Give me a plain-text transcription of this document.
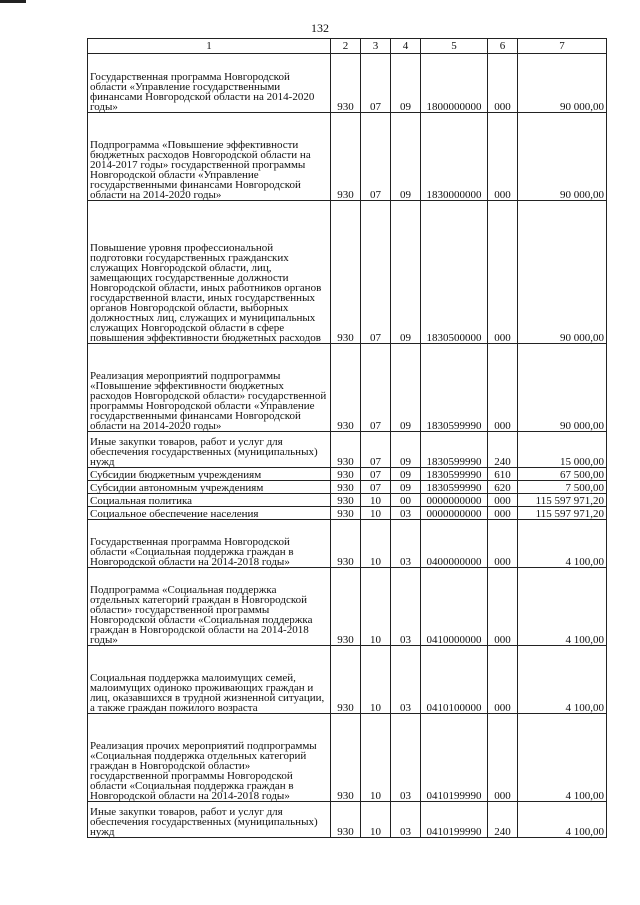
132
1	2	3	4	5	6	7
Государственная программа Новгородской области «Управление государственными финансами Новгородской области на 2014-2020 годы»	930	07	09	1800000000	000	90 000,00
Подпрограмма «Повышение эффективности бюджетных расходов Новгородской области на 2014-2017 годы» государственной программы Новгородской области «Управление государственными финансами Новгородской области на 2014-2020 годы»	930	07	09	1830000000	000	90 000,00
Повышение уровня профессиональной подготовки государственных гражданских служащих Новгородской области, лиц, замещающих государственные должности Новгородской области, иных работников органов государственной власти, иных государственных органов Новгородской области, выборных должностных лиц, служащих и муниципальных служащих Новгородской области в сфере повышения эффективности бюджетных расходов	930	07	09	1830500000	000	90 000,00
Реализация мероприятий подпрограммы «Повышение эффективности бюджетных расходов Новгородской области» государственной программы Новгородской области «Управление государственными финансами Новгородской области на 2014-2020 годы»	930	07	09	1830599990	000	90 000,00
Иные закупки товаров, работ и услуг для обеспечения государственных (муниципальных) нужд	930	07	09	1830599990	240	15 000,00
Субсидии бюджетным учреждениям	930	07	09	1830599990	610	67 500,00
Субсидии автономным учреждениям	930	07	09	1830599990	620	7 500,00
Социальная политика	930	10	00	0000000000	000	115 597 971,20
Социальное обеспечение населения	930	10	03	0000000000	000	115 597 971,20
Государственная программа Новгородской области «Социальная поддержка граждан в Новгородской области на 2014-2018 годы»	930	10	03	0400000000	000	4 100,00
Подпрограмма «Социальная поддержка отдельных категорий граждан в Новгородской области» государственной программы Новгородской области «Социальная поддержка граждан в Новгородской области на 2014-2018 годы»	930	10	03	0410000000	000	4 100,00
Социальная поддержка малоимущих семей, малоимущих одиноко проживающих граждан и лиц, оказавшихся в трудной жизненной ситуации, а также граждан пожилого возраста	930	10	03	0410100000	000	4 100,00
Реализация прочих мероприятий подпрограммы «Социальная поддержка отдельных категорий граждан в Новгородской области» государственной программы Новгородской области «Социальная поддержка граждан в Новгородской области на 2014-2018 годы»	930	10	03	0410199990	000	4 100,00
Иные закупки товаров, работ и услуг для обеспечения государственных (муниципальных) нужд	930	10	03	0410199990	240	4 100,00
